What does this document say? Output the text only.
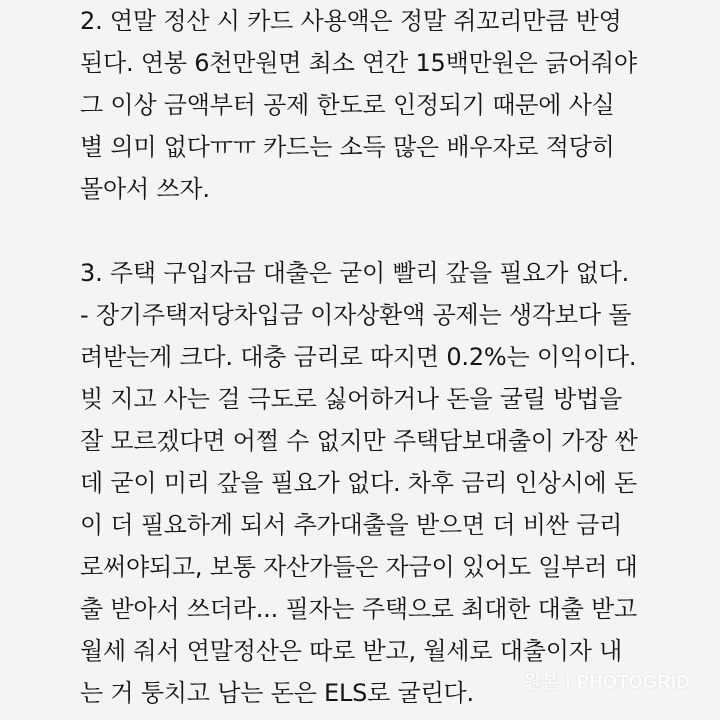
2. 연말 정산 시 카드 사용액은 정말 쥐꼬리만큼 반영
된다. 연봉 6천만원면 최소 연간 15백만원은 긁어줘야
그 이상 금액부터 공제 한도로 인정되기 때문에 사실
별 의미 없다ㅠㅠ 카드는 소득 많은 배우자로 적당히
몰아서 쓰자.
3. 주택 구입자금 대출은 굳이 빨리 갚을 필요가 없다.
- 장기주택저당차입금 이자상환액 공제는 생각보다 돌
려받는게 크다. 대충 금리로 따지면 0.2%는 이익이다.
빚 지고 사는 걸 극도로 싫어하거나 돈을 굴릴 방법을
잘 모르겠다면 어쩔 수 없지만 주택담보대출이 가장 싼
데 굳이 미리 갚을 필요가 없다. 차후 금리 인상시에 돈
이 더 필요하게 되서 추가대출을 받으면 더 비싼 금리
로써야되고, 보통 자산가들은 자금이 있어도 일부러 대
출 받아서 쓰더라... 필자는 주택으로 최대한 대출 받고
월세 줘서 연말정산은 따로 받고, 월세로 대출이자 내
는 거 퉁치고 남는 돈은 ELS로 굴린다.	원본 | PHOTOGRID
